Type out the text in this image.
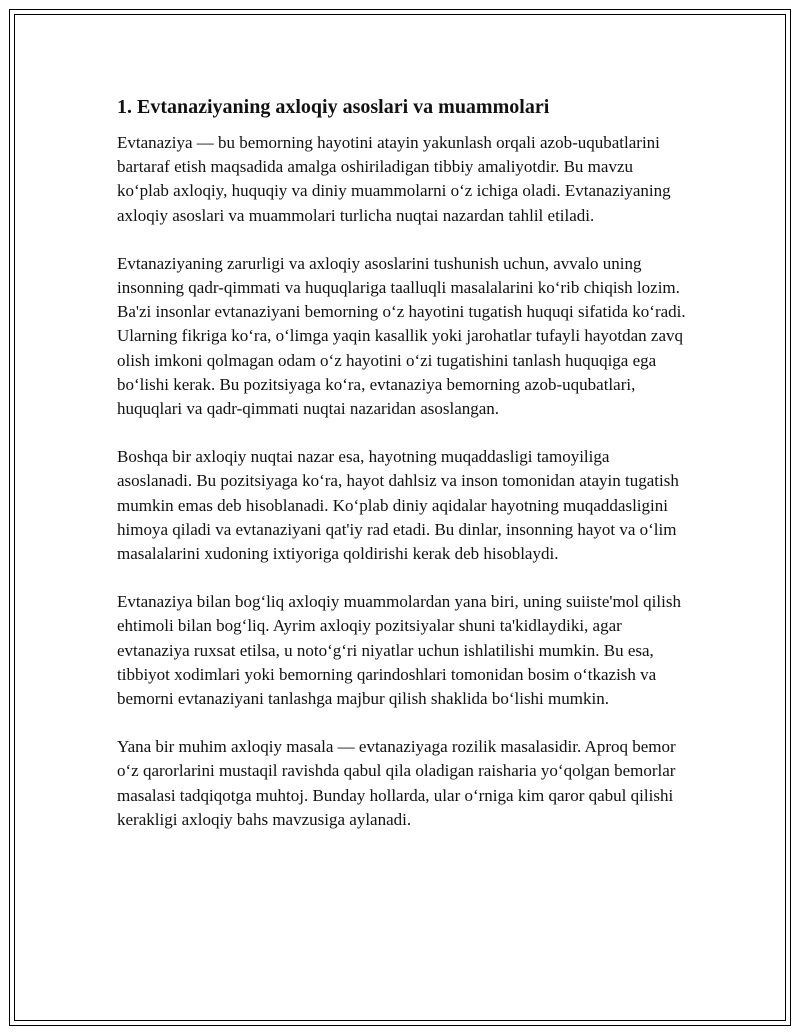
1. Evtanaziyaning axloqiy asoslari va muammolari

Evtanaziya — bu bemorning hayotini atayin yakunlash orqali azob-uqubatlarini bartaraf etish maqsadida amalga oshiriladigan tibbiy amaliyotdir. Bu mavzu ko‘plab axloqiy, huquqiy va diniy muammolarni o‘z ichiga oladi. Evtanaziyaning axloqiy asoslari va muammolari turlicha nuqtai nazardan tahlil etiladi.

Evtanaziyaning zarurligi va axloqiy asoslarini tushunish uchun, avvalo uning insonning qadr-qimmati va huquqlariga taalluqli masalalarini ko‘rib chiqish lozim. Ba'zi insonlar evtanaziyani bemorning o‘z hayotini tugatish huquqi sifatida ko‘radi. Ularning fikriga ko‘ra, o‘limga yaqin kasallik yoki jarohatlar tufayli hayotdan zavq olish imkoni qolmagan odam o‘z hayotini o‘zi tugatishini tanlash huquqiga ega bo‘lishi kerak. Bu pozitsiyaga ko‘ra, evtanaziya bemorning azob-uqubatlari, huquqlari va qadr-qimmati nuqtai nazaridan asoslangan.

Boshqa bir axloqiy nuqtai nazar esa, hayotning muqaddasligi tamoyiliga asoslanadi. Bu pozitsiyaga ko‘ra, hayot dahlsiz va inson tomonidan atayin tugatish mumkin emas deb hisoblanadi. Ko‘plab diniy aqidalar hayotning muqaddasligini himoya qiladi va evtanaziyani qat'iy rad etadi. Bu dinlar, insonning hayot va o‘lim masalalarini xudoning ixtiyoriga qoldirishi kerak deb hisoblaydi.

Evtanaziya bilan bog‘liq axloqiy muammolardan yana biri, uning suiiste'mol qilish ehtimoli bilan bog‘liq. Ayrim axloqiy pozitsiyalar shuni ta'kidlaydiki, agar evtanaziya ruxsat etilsa, u noto‘g‘ri niyatlar uchun ishlatilishi mumkin. Bu esa, tibbiyot xodimlari yoki bemorning qarindoshlari tomonidan bosim o‘tkazish va bemorni evtanaziyani tanlashga majbur qilish shaklida bo‘lishi mumkin.

Yana bir muhim axloqiy masala — evtanaziyaga rozilik masalasidir. Aproq bemor o‘z qarorlarini mustaqil ravishda qabul qila oladigan raisharia yo‘qolgan bemorlar masalasi tadqiqotga muhtoj. Bunday hollarda, ular o‘rniga kim qaror qabul qilishi kerakligi axloqiy bahs mavzusiga aylanadi.
